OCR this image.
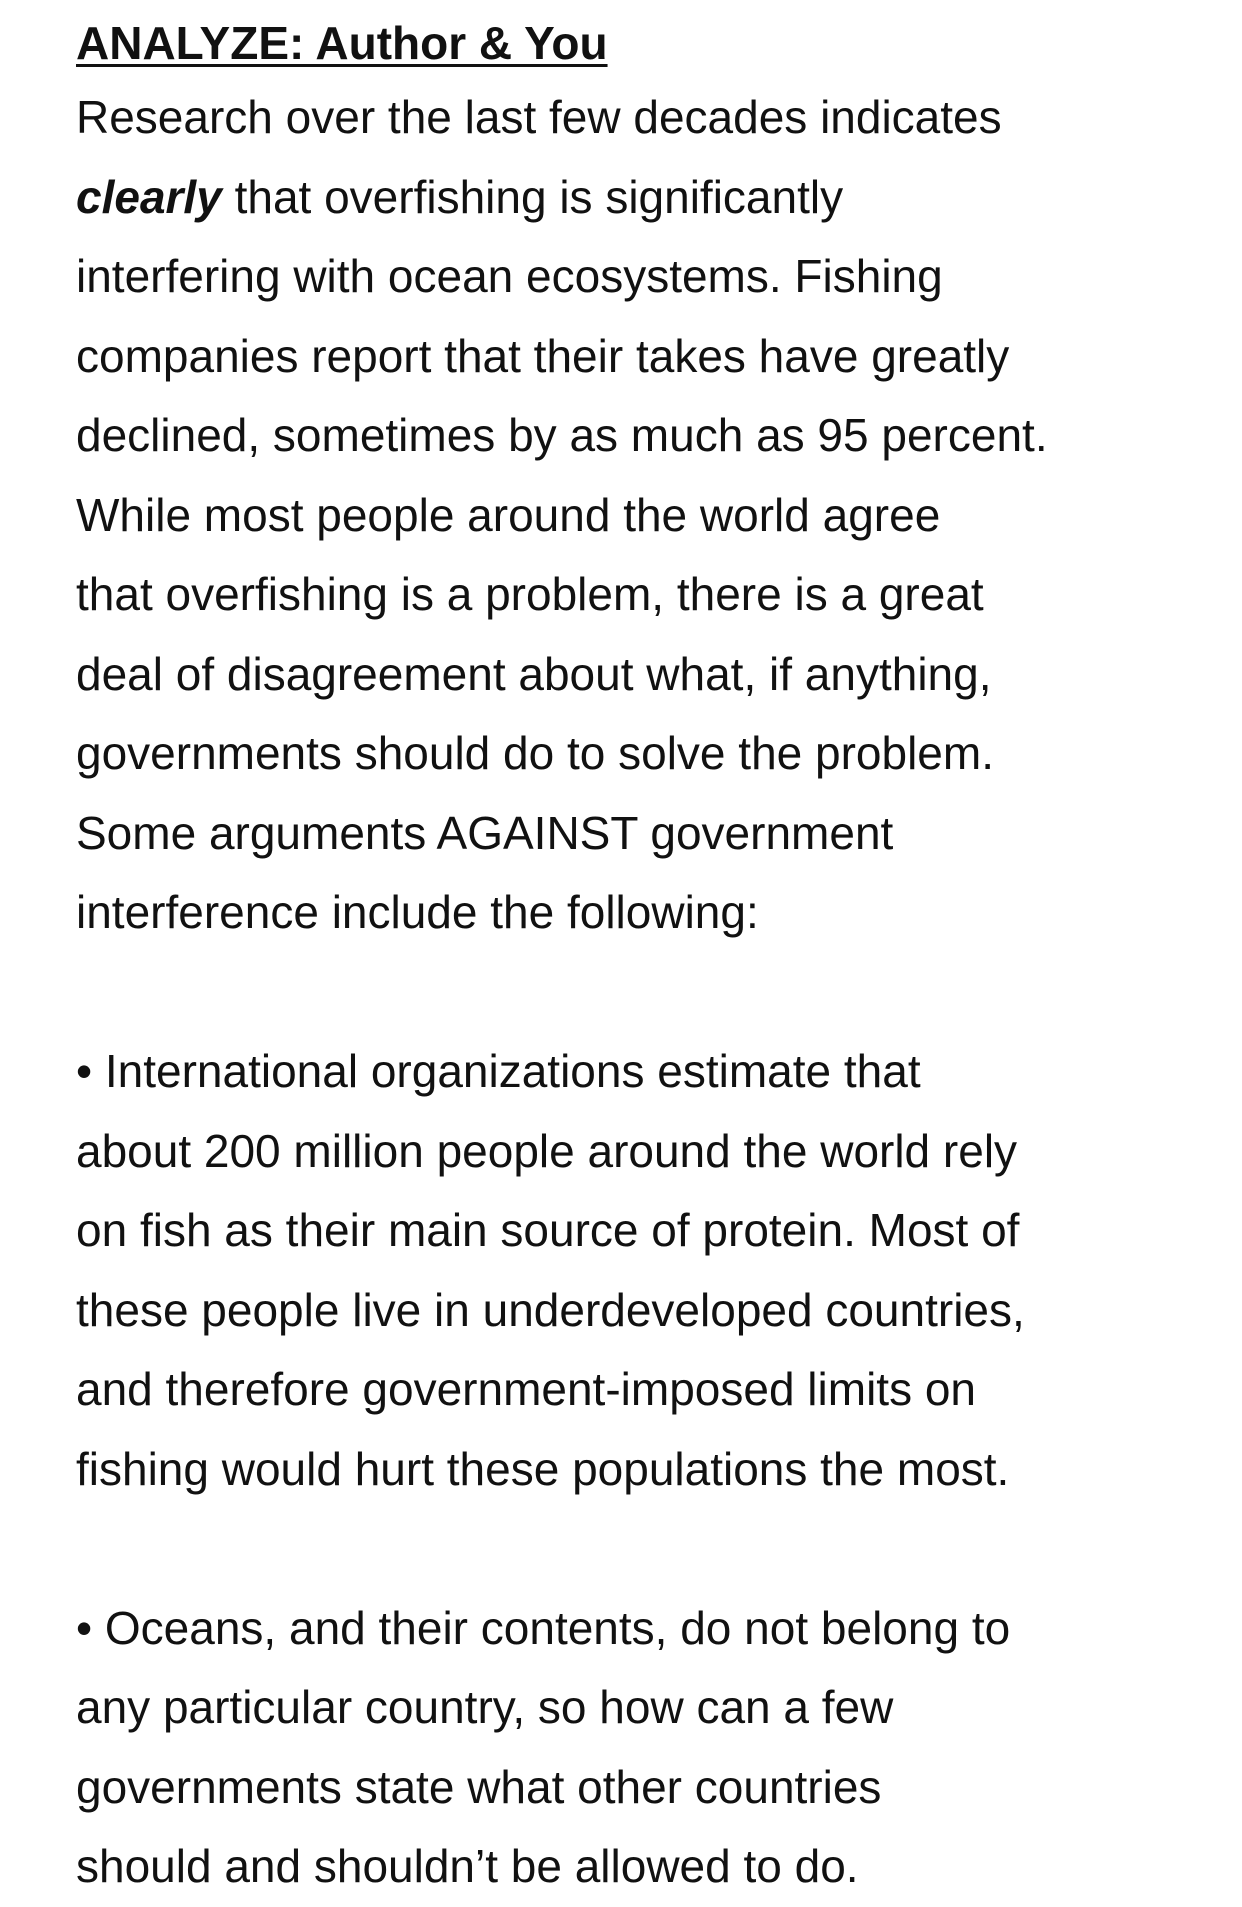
ANALYZE: Author & You

Research over the last few decades indicates
clearly that overfishing is significantly
interfering with ocean ecosystems. Fishing
companies report that their takes have greatly
declined, sometimes by as much as 95 percent.
While most people around the world agree
that overfishing is a problem, there is a great
deal of disagreement about what, if anything,
governments should do to solve the problem.
Some arguments AGAINST government
interference include the following:

• International organizations estimate that
about 200 million people around the world rely
on fish as their main source of protein. Most of
these people live in underdeveloped countries,
and therefore government-imposed limits on
fishing would hurt these populations the most.

• Oceans, and their contents, do not belong to
any particular country, so how can a few
governments state what other countries
should and shouldn’t be allowed to do.
